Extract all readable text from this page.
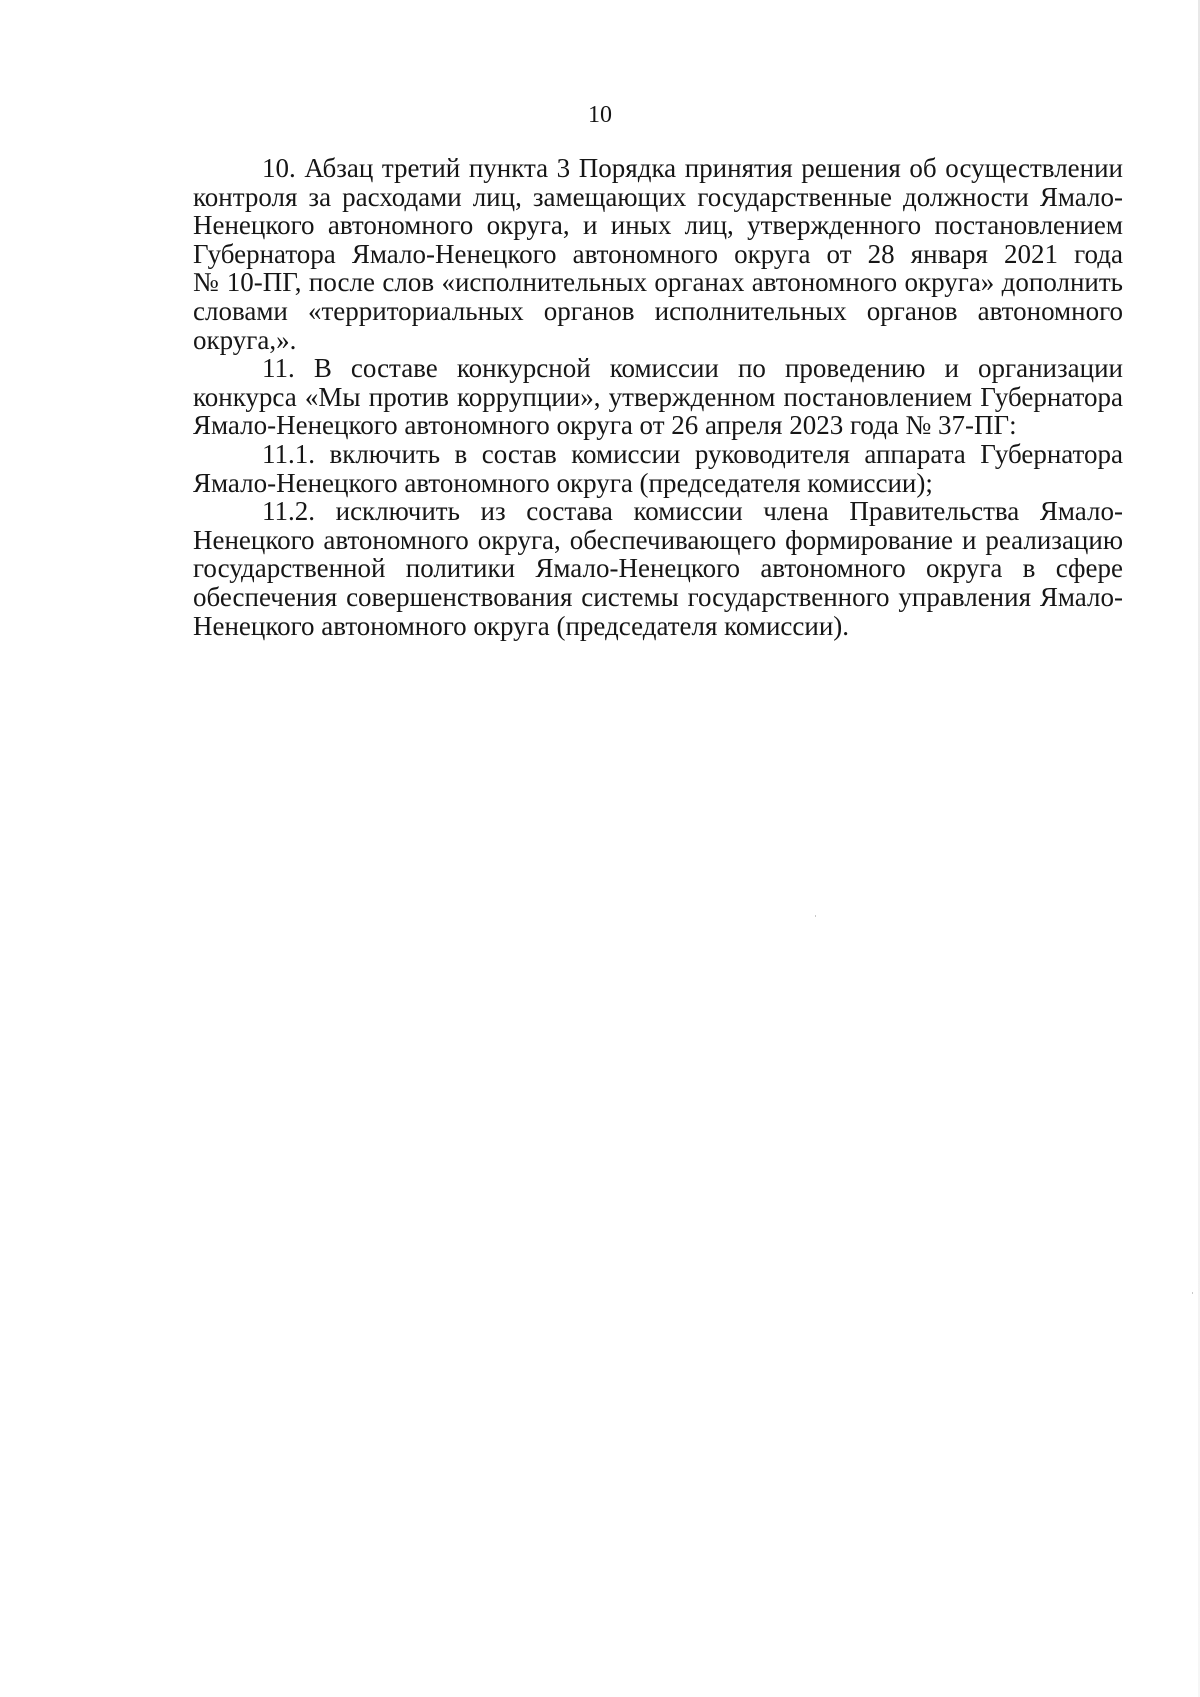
10
10. Абзац третий пункта 3 Порядка принятия решения об осуществлении
контроля за расходами лиц, замещающих государственные должности Ямало-
Ненецкого автономного округа, и иных лиц, утвержденного постановлением
Губернатора Ямало-Ненецкого автономного округа от 28 января 2021 года
№ 10-ПГ, после слов «исполнительных органах автономного округа» дополнить
словами «территориальных органов исполнительных органов автономного
округа,».
11. В составе конкурсной комиссии по проведению и организации
конкурса «Мы против коррупции», утвержденном постановлением Губернатора
Ямало-Ненецкого автономного округа от 26 апреля 2023 года № 37-ПГ:
11.1. включить в состав комиссии руководителя аппарата Губернатора
Ямало-Ненецкого автономного округа (председателя комиссии);
11.2. исключить из состава комиссии члена Правительства Ямало-
Ненецкого автономного округа, обеспечивающего формирование и реализацию
государственной политики Ямало-Ненецкого автономного округа в сфере
обеспечения совершенствования системы государственного управления Ямало-
Ненецкого автономного округа (председателя комиссии).
